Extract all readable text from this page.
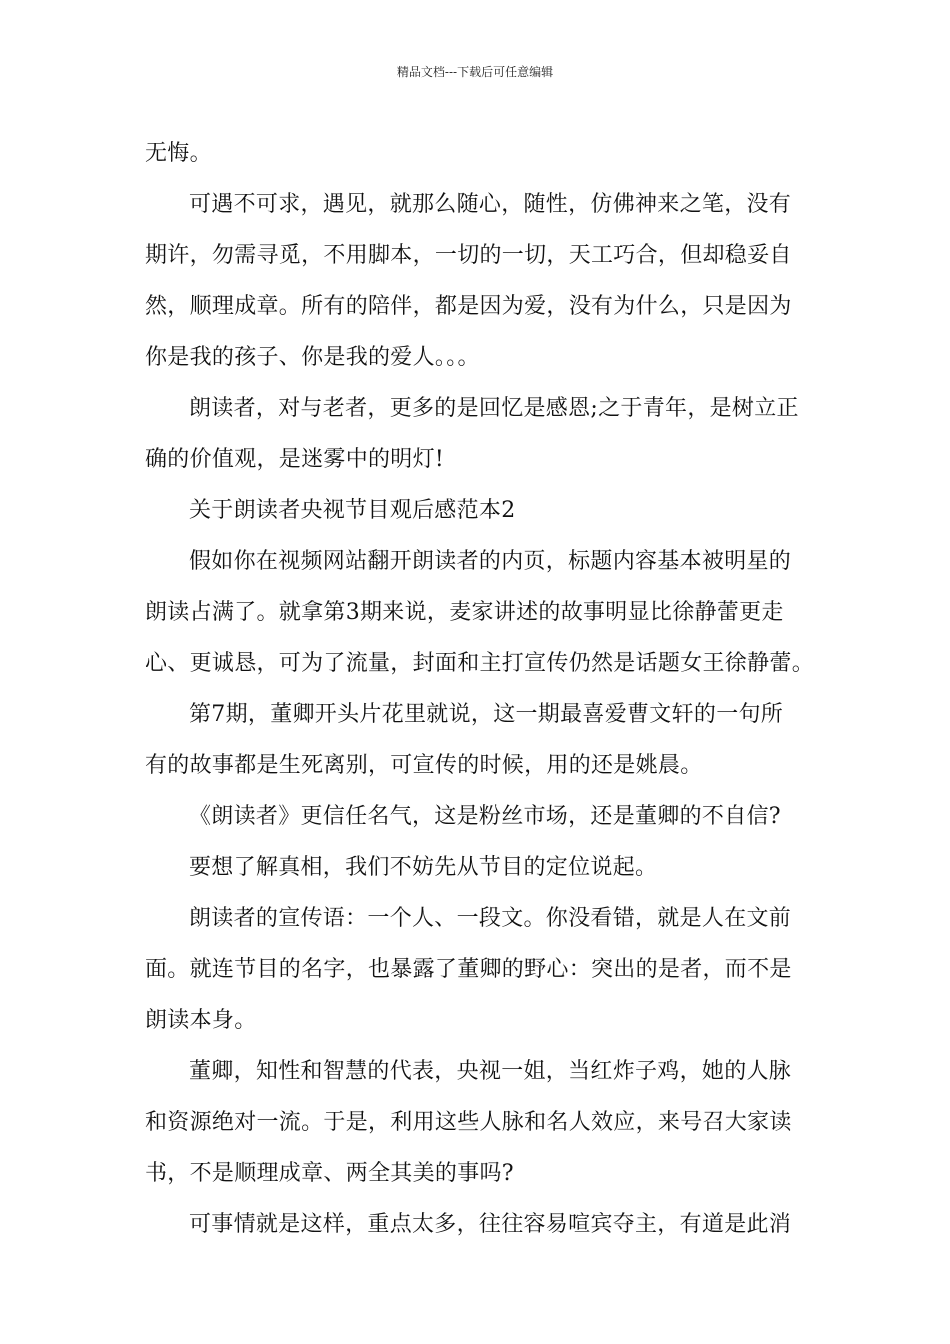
精品文档---下载后可任意编辑
无悔。
可遇不可求，遇见，就那么随心，随性，仿佛神来之笔，没有
期许，勿需寻觅，不用脚本，一切的一切，天工巧合，但却稳妥自
然，顺理成章。所有的陪伴，都是因为爱，没有为什么，只是因为
你是我的孩子、你是我的爱人。。。
朗读者，对与老者，更多的是回忆是感恩;之于青年，是树立正
确的价值观，是迷雾中的明灯!
关于朗读者央视节目观后感范本2
假如你在视频网站翻开朗读者的内页，标题内容基本被明星的
朗读占满了。就拿第3期来说，麦家讲述的故事明显比徐静蕾更走
心、更诚恳，可为了流量，封面和主打宣传仍然是话题女王徐静蕾。
第7期，董卿开头片花里就说，这一期最喜爱曹文轩的一句所
有的故事都是生死离别，可宣传的时候，用的还是姚晨。
《朗读者》更信任名气，这是粉丝市场，还是董卿的不自信?
要想了解真相，我们不妨先从节目的定位说起。
朗读者的宣传语：一个人、一段文。你没看错，就是人在文前
面。就连节目的名字，也暴露了董卿的野心：突出的是者，而不是
朗读本身。
董卿，知性和智慧的代表，央视一姐，当红炸子鸡，她的人脉
和资源绝对一流。于是，利用这些人脉和名人效应，来号召大家读
书，不是顺理成章、两全其美的事吗?
可事情就是这样，重点太多，往往容易喧宾夺主，有道是此消
